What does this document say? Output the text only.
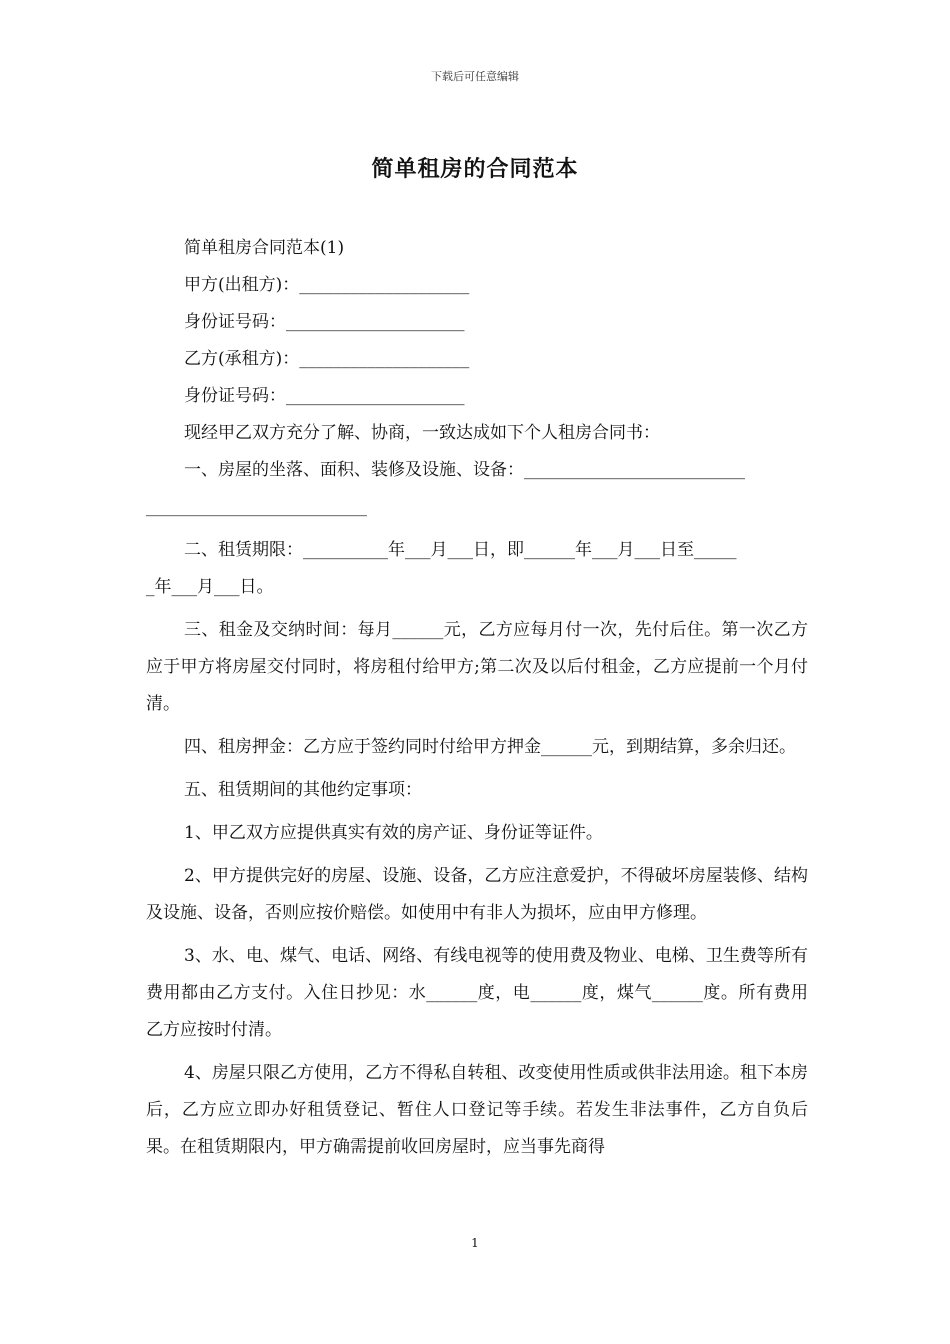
下载后可任意编辑
简单租房的合同范本
简单租房合同范本(1)
甲方(出租方)：____________________
身份证号码：_____________________
乙方(承租方)：____________________
身份证号码：_____________________
现经甲乙双方充分了解、协商，一致达成如下个人租房合同书：
一、房屋的坐落、面积、装修及设施、设备：__________________________
__________________________
二、租赁期限：__________年___月___日，即______年___月___日至_____
_年___月___日。
三、租金及交纳时间：每月______元，乙方应每月付一次，先付后住。第一次乙方应于甲方将房屋交付同时，将房租付给甲方;第二次及以后付租金，乙方应提前一个月付清。
四、租房押金：乙方应于签约同时付给甲方押金______元，到期结算，多余归还。
五、租赁期间的其他约定事项：
1、甲乙双方应提供真实有效的房产证、身份证等证件。
2、甲方提供完好的房屋、设施、设备，乙方应注意爱护，不得破坏房屋装修、结构及设施、设备，否则应按价赔偿。如使用中有非人为损坏，应由甲方修理。
3、水、电、煤气、电话、网络、有线电视等的使用费及物业、电梯、卫生费等所有费用都由乙方支付。入住日抄见：水______度，电______度，煤气______度。所有费用乙方应按时付清。
4、房屋只限乙方使用，乙方不得私自转租、改变使用性质或供非法用途。租下本房后，乙方应立即办好租赁登记、暂住人口登记等手续。若发生非法事件，乙方自负后果。在租赁期限内，甲方确需提前收回房屋时，应当事先商得
1
